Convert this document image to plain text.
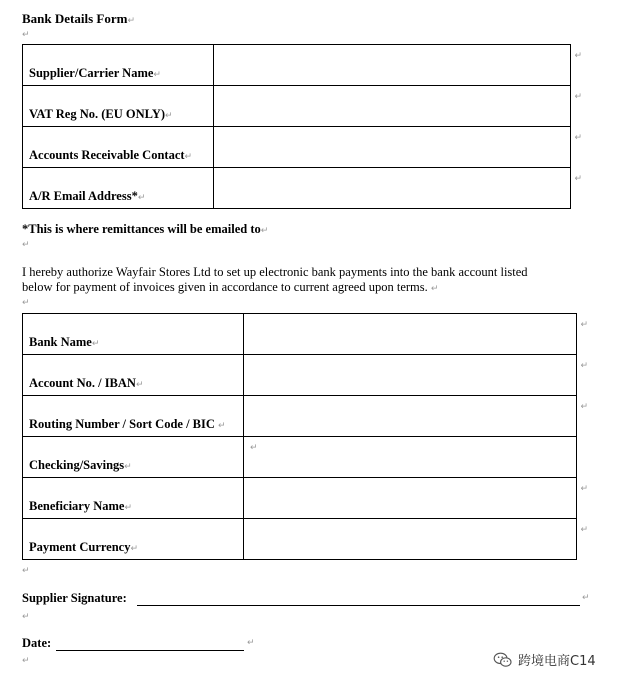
Bank Details Form↵
↵
Supplier/Carrier Name↵	↵

VAT Reg No. (EU ONLY)↵	↵

Accounts Receivable Contact↵	↵

A/R Email Address*↵	↵
*This is where remittances will be emailed to↵
↵
I hereby authorize Wayfair Stores Ltd to set up electronic bank payments into the bank account listed
below for payment of invoices given in accordance to current agreed upon terms. ↵
↵
Bank Name↵	↵

Account No. / IBAN↵	↵

Routing Number / Sort Code / BIC ↵	↵

Checking/Savings↵	↵

Beneficiary Name↵	↵

Payment Currency↵	↵
↵
Supplier Signature:	↵
↵
Date:	↵
↵	跨境电商C14
